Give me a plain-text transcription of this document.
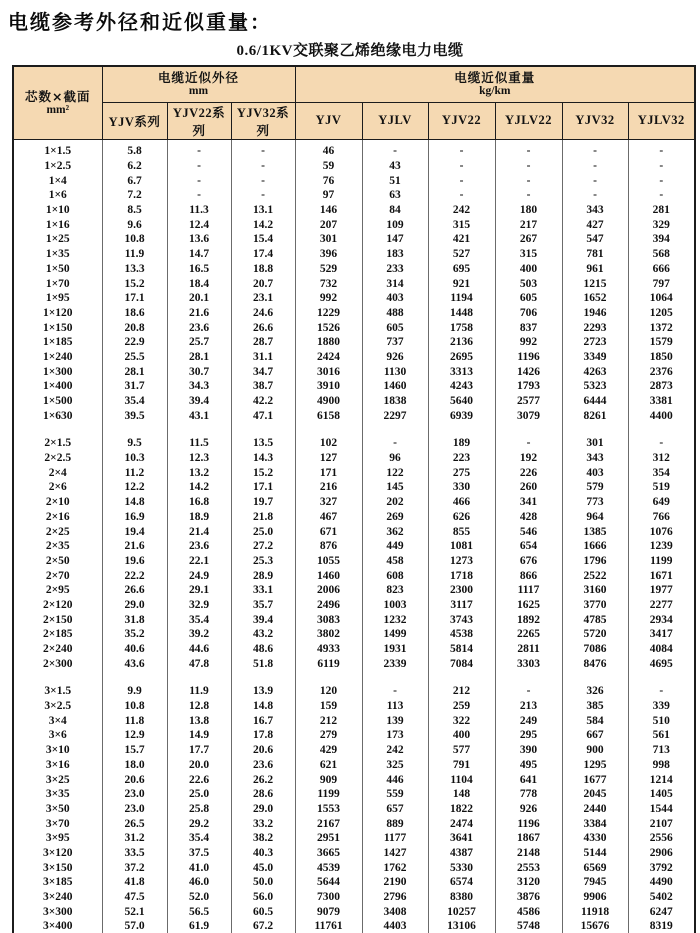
电缆参考外径和近似重量：
0.6/1KV交联聚乙烯绝缘电力电缆
芯数×截面
mm²

电缆近似外径
mm

电缆近似重量
kg/km

	YJV系列	YJV22系列	YJV32系列	YJV	YJLV	YJV22	YJLV22	YJV32	YJLV32

1×1.5	5.8	-	-	46	-	-	-	-	-
1×2.5	6.2	-	-	59	43	-	-	-	-
1×4	6.7	-	-	76	51	-	-	-	-
1×6	7.2	-	-	97	63	-	-	-	-
1×10	8.5	11.3	13.1	146	84	242	180	343	281
1×16	9.6	12.4	14.2	207	109	315	217	427	329
1×25	10.8	13.6	15.4	301	147	421	267	547	394
1×35	11.9	14.7	17.4	396	183	527	315	781	568
1×50	13.3	16.5	18.8	529	233	695	400	961	666
1×70	15.2	18.4	20.7	732	314	921	503	1215	797
1×95	17.1	20.1	23.1	992	403	1194	605	1652	1064
1×120	18.6	21.6	24.6	1229	488	1448	706	1946	1205
1×150	20.8	23.6	26.6	1526	605	1758	837	2293	1372
1×185	22.9	25.7	28.7	1880	737	2136	992	2723	1579
1×240	25.5	28.1	31.1	2424	926	2695	1196	3349	1850
1×300	28.1	30.7	34.7	3016	1130	3313	1426	4263	2376
1×400	31.7	34.3	38.7	3910	1460	4243	1793	5323	2873
1×500	35.4	39.4	42.2	4900	1838	5640	2577	6444	3381
1×630	39.5	43.1	47.1	6158	2297	6939	3079	8261	4400

2×1.5	9.5	11.5	13.5	102	-	189	-	301	-
2×2.5	10.3	12.3	14.3	127	96	223	192	343	312
2×4	11.2	13.2	15.2	171	122	275	226	403	354
2×6	12.2	14.2	17.1	216	145	330	260	579	519
2×10	14.8	16.8	19.7	327	202	466	341	773	649
2×16	16.9	18.9	21.8	467	269	626	428	964	766
2×25	19.4	21.4	25.0	671	362	855	546	1385	1076
2×35	21.6	23.6	27.2	876	449	1081	654	1666	1239
2×50	19.6	22.1	25.3	1055	458	1273	676	1796	1199
2×70	22.2	24.9	28.9	1460	608	1718	866	2522	1671
2×95	26.6	29.1	33.1	2006	823	2300	1117	3160	1977
2×120	29.0	32.9	35.7	2496	1003	3117	1625	3770	2277
2×150	31.8	35.4	39.4	3083	1232	3743	1892	4785	2934
2×185	35.2	39.2	43.2	3802	1499	4538	2265	5720	3417
2×240	40.6	44.6	48.6	4933	1931	5814	2811	7086	4084
2×300	43.6	47.8	51.8	6119	2339	7084	3303	8476	4695

3×1.5	9.9	11.9	13.9	120	-	212	-	326	-
3×2.5	10.8	12.8	14.8	159	113	259	213	385	339
3×4	11.8	13.8	16.7	212	139	322	249	584	510
3×6	12.9	14.9	17.8	279	173	400	295	667	561
3×10	15.7	17.7	20.6	429	242	577	390	900	713
3×16	18.0	20.0	23.6	621	325	791	495	1295	998
3×25	20.6	22.6	26.2	909	446	1104	641	1677	1214
3×35	23.0	25.0	28.6	1199	559	148	778	2045	1405
3×50	23.0	25.8	29.0	1553	657	1822	926	2440	1544
3×70	26.5	29.2	33.2	2167	889	2474	1196	3384	2107
3×95	31.2	35.4	38.2	2951	1177	3641	1867	4330	2556
3×120	33.5	37.5	40.3	3665	1427	4387	2148	5144	2906
3×150	37.2	41.0	45.0	4539	1762	5330	2553	6569	3792
3×185	41.8	46.0	50.0	5644	2190	6574	3120	7945	4490
3×240	47.5	52.0	56.0	7300	2796	8380	3876	9906	5402
3×300	52.1	56.5	60.5	9079	3408	10257	4586	11918	6247
3×400	57.0	61.9	67.2	11761	4403	13106	5748	15676	8319
